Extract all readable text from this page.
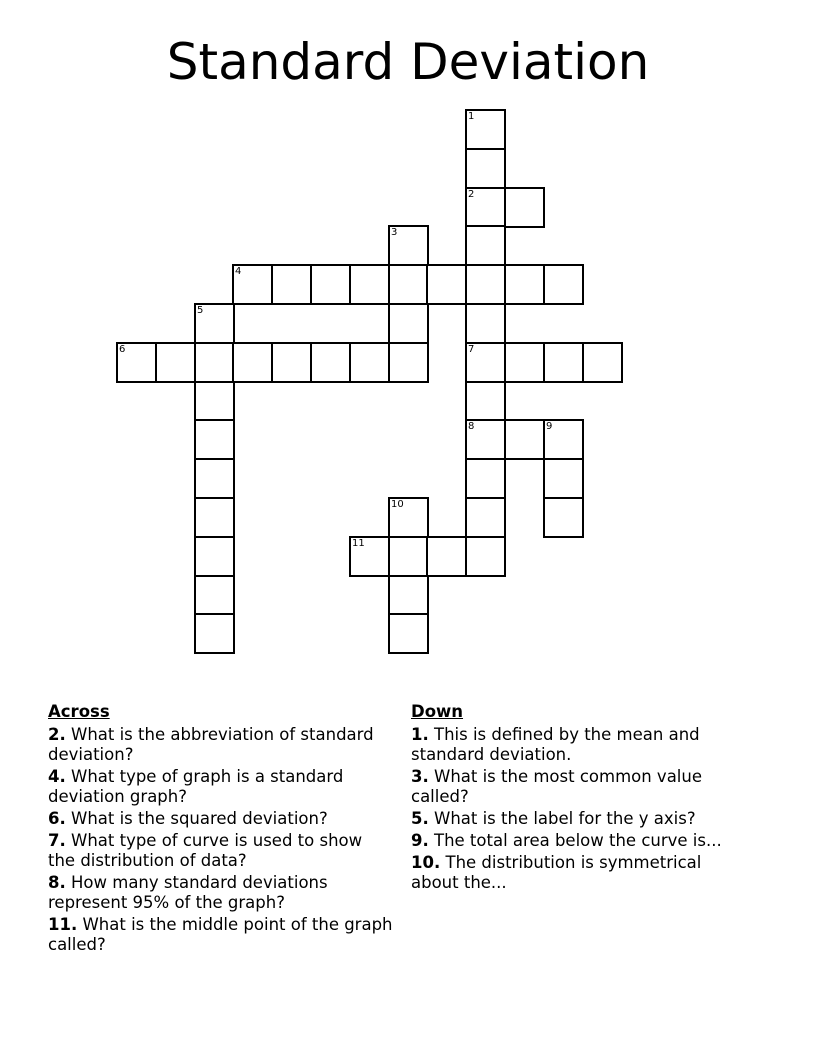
Standard Deviation
1
2
3
4
5
6	7
8	9
10
11
Across
2. What is the abbreviation of standard deviation?
4. What type of graph is a standard deviation graph?
6. What is the squared deviation?
7. What type of curve is used to show the distribution of data?
8. How many standard deviations represent 95% of the graph?
11. What is the middle point of the graph called?
Down
1. This is defined by the mean and standard deviation.
3. What is the most common value called?
5. What is the label for the y axis?
9. The total area below the curve is...
10. The distribution is symmetrical about the...
